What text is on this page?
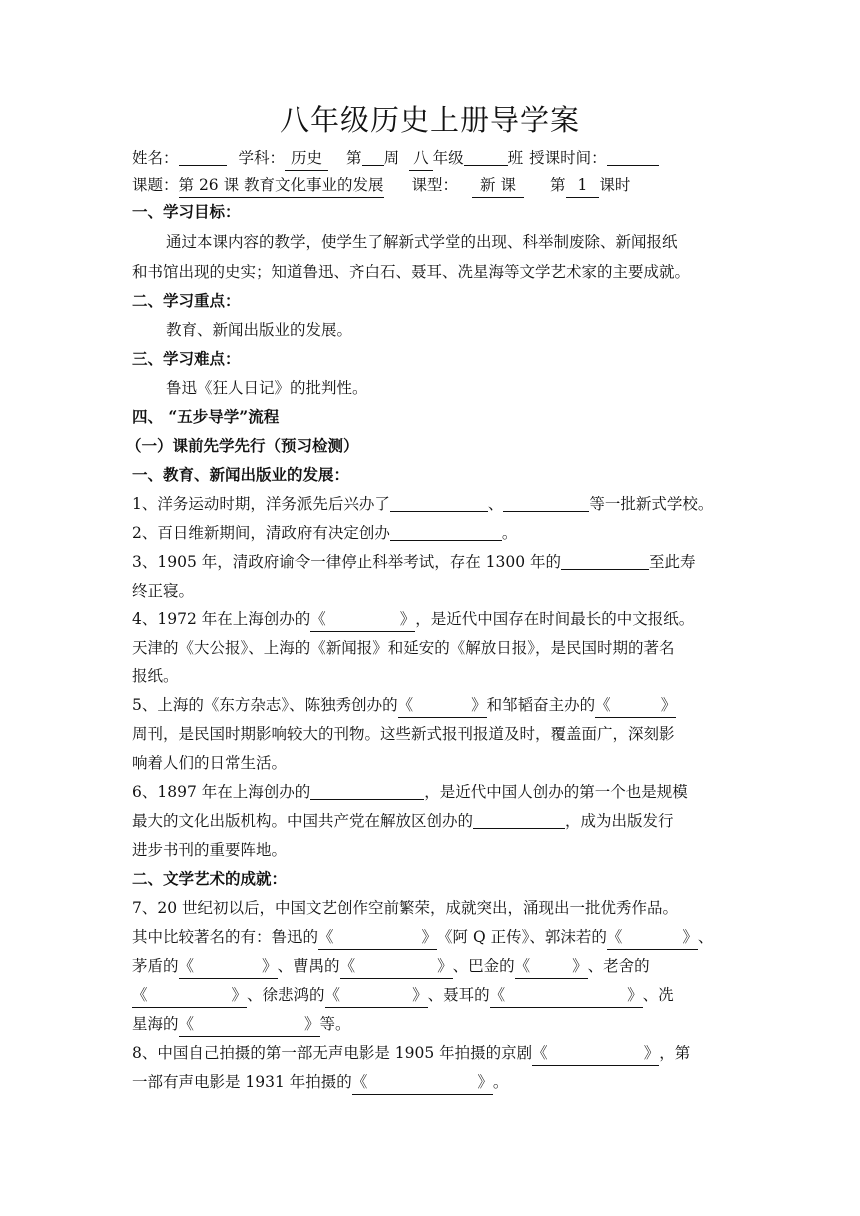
八年级历史上册导学案
姓名：	学科： 历史 第 周 八 年级	班 授课时间：
课题：第 26 课 教育文化事业的发展 课型： 新 课 第 1 课时
一、学习目标：
通过本课内容的教学，使学生了解新式学堂的出现、科举制废除、新闻报纸
和书馆出现的史实；知道鲁迅、齐白石、聂耳、冼星海等文学艺术家的主要成就。
二、学习重点：
教育、新闻出版业的发展。
三、学习难点：
鲁迅《狂人日记》的批判性。
四、 “五步导学”流程
（一）课前先学先行（预习检测）
一、教育、新闻出版业的发展：
1、洋务运动时期，洋务派先后兴办了	、	等一批新式学校。
2、百日维新期间，清政府有决定创办	。
3、1905 年，清政府谕令一律停止科举考试，存在 1300 年的	至此寿
终正寝。
4、1972 年在上海创办的《	》，是近代中国存在时间最长的中文报纸。
天津的《大公报》、上海的《新闻报》和延安的《解放日报》，是民国时期的著名
报纸。
5、上海的《东方杂志》、陈独秀创办的《	》和邹韬奋主办的《	》
周刊，是民国时期影响较大的刊物。这些新式报刊报道及时，覆盖面广，深刻影
响着人们的日常生活。
6、1897 年在上海创办的	，是近代中国人创办的第一个也是规模
最大的文化出版机构。中国共产党在解放区创办的	，成为出版发行
进步书刊的重要阵地。
二、文学艺术的成就：
7、20 世纪初以后，中国文艺创作空前繁荣，成就突出，涌现出一批优秀作品。
其中比较著名的有：鲁迅的《	》《阿 Q 正传》、郭沫若的《	》、
茅盾的《	》、曹禺的《	》、巴金的《	》、老舍的
《	》、徐悲鸿的《	》、聂耳的《	》、冼
星海的《	》等。
8、中国自己拍摄的第一部无声电影是 1905 年拍摄的京剧《	》，第
一部有声电影是 1931 年拍摄的《	》。
